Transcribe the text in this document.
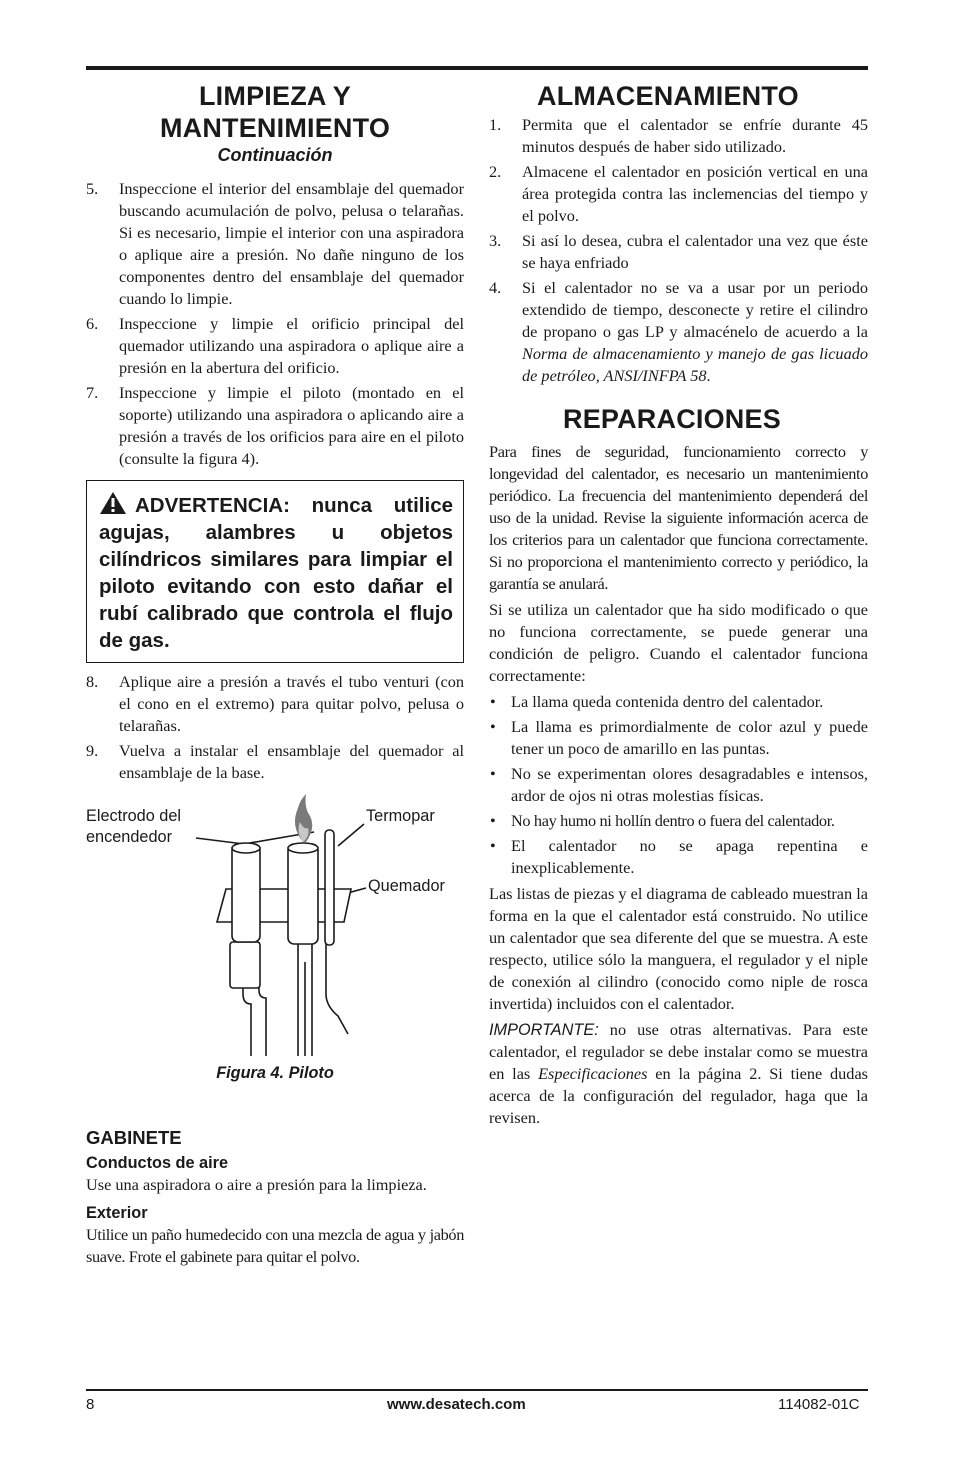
LIMPIEZA Y
MANTENIMIENTO
Continuación
5. Inspeccione el interior del ensamblaje del quemador buscando acumulación de polvo, pelusa o telarañas. Si es necesario, limpie el interior con una aspiradora o aplique aire a presión. No dañe ninguno de los componentes dentro del ensamblaje del quemador cuando lo limpie.
6. Inspeccione y limpie el orificio principal del quemador utilizando una aspiradora o aplique aire a presión en la abertura del orificio.
7. Inspeccione y limpie el piloto (montado en el soporte) utilizando una aspiradora o aplicando aire a presión a través de los orificios para aire en el piloto (consulte la figura 4).
ADVERTENCIA: nunca utilice agujas, alambres u objetos cilíndricos similares para limpiar el piloto evitando con esto dañar el rubí calibrado que controla el flujo de gas.
8. Aplique aire a presión a través el tubo venturi (con el cono en el extremo) para quitar polvo, pelusa o telarañas.
9. Vuelva a instalar el ensamblaje del quemador al ensamblaje de la base.
Electrodo del
encendedor
Termopar
Quemador
Figura 4. Piloto
GABINETE
Conductos de aire
Use una aspiradora o aire a presión para la limpieza.
Exterior
Utilice un paño humedecido con una mezcla de agua y jabón suave. Frote el gabinete para quitar el polvo.
ALMACENAMIENTO
1. Permita que el calentador se enfríe durante 45 minutos después de haber sido utilizado.
2. Almacene el calentador en posición vertical en una área protegida contra las inclemencias del tiempo y el polvo.
3. Si así lo desea, cubra el calentador una vez que éste se haya enfriado
4. Si el calentador no se va a usar por un periodo extendido de tiempo, desconecte y retire el cilindro de propano o gas LP y almacénelo de acuerdo a la Norma de almacenamiento y manejo de gas licuado de petróleo, ANSI/INFPA 58.
REPARACIONES
Para fines de seguridad, funcionamiento correcto y longevidad del calentador, es necesario un mantenimiento periódico. La frecuencia del mantenimiento dependerá del uso de la unidad. Revise la siguiente información acerca de los criterios para un calentador que funciona correctamente. Si no proporciona el mantenimiento correcto y periódico, la garantía se anulará.
Si se utiliza un calentador que ha sido modificado o que no funciona correctamente, se puede generar una condición de peligro. Cuando el calentador funciona correctamente:
• La llama queda contenida dentro del calentador.
• La llama es primordialmente de color azul y puede tener un poco de amarillo en las puntas.
• No se experimentan olores desagradables e intensos, ardor de ojos ni otras molestias físicas.
• No hay humo ni hollín dentro o fuera del calentador.
• El calentador no se apaga repentina e inexplicablemente.
Las listas de piezas y el diagrama de cableado muestran la forma en la que el calentador está construido. No utilice un calentador que sea diferente del que se muestra. A este respecto, utilice sólo la manguera, el regulador y el niple de conexión al cilindro (conocido como niple de rosca invertida) incluidos con el calentador.
IMPORTANTE: no use otras alternativas. Para este calentador, el regulador se debe instalar como se muestra en las Especificaciones en la página 2. Si tiene dudas acerca de la configuración del regulador, haga que la revisen.
8	www.desatech.com	114082-01C
